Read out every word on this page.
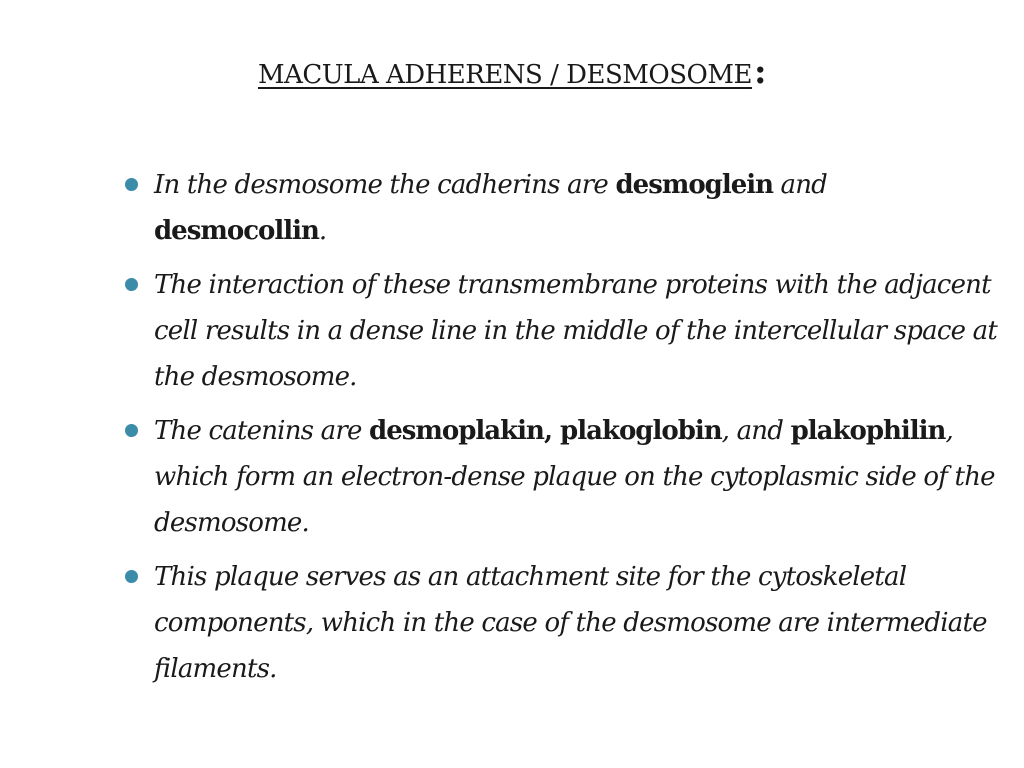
MACULA ADHERENS / DESMOSOME:
In the desmosome the cadherins are desmoglein and desmocollin.
The interaction of these transmembrane proteins with the adjacent cell results in a dense line in the middle of the intercellular space at the desmosome.
The catenins are desmoplakin, plakoglobin, and plakophilin, which form an electron-dense plaque on the cytoplasmic side of the desmosome.
This plaque serves as an attachment site for the cytoskeletal components, which in the case of the desmosome are intermediate filaments.
